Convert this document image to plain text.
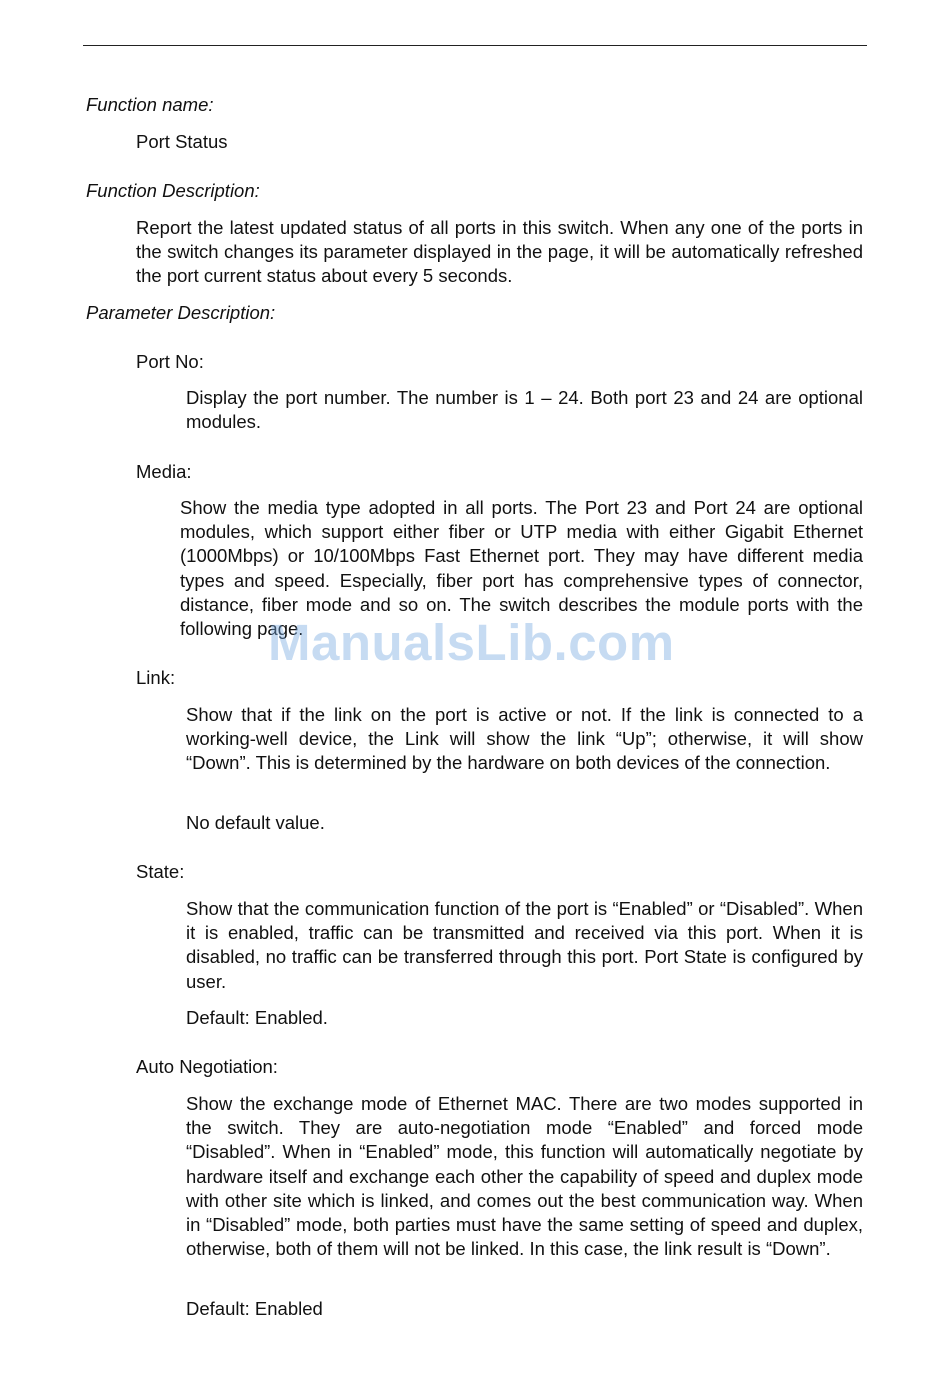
Function name:

Port Status

Function Description:

Report the latest updated status of all ports in this switch. When any one of the ports in the switch changes its parameter displayed in the page, it will be automatically refreshed the port current status about every 5 seconds.

Parameter Description:

Port No:

Display the port number. The number is 1 – 24. Both port 23 and 24 are optional modules.

Media:

Show the media type adopted in all ports. The Port 23 and Port 24 are optional modules, which support either fiber or UTP media with either Gigabit Ethernet (1000Mbps) or 10/100Mbps Fast Ethernet port. They may have different media types and speed. Especially, fiber port has comprehensive types of connector, distance, fiber mode and so on. The switch describes the module ports with the following page.

Link:

Show that if the link on the port is active or not. If the link is connected to a working-well device, the Link will show the link “Up”; otherwise, it will show “Down”. This is determined by the hardware on both devices of the connection.

No default value.

State:

Show that the communication function of the port is “Enabled” or “Disabled”. When it is enabled, traffic can be transmitted and received via this port. When it is disabled, no traffic can be transferred through this port. Port State is configured by user.

Default: Enabled.

Auto Negotiation:

Show the exchange mode of Ethernet MAC. There are two modes supported in the switch. They are auto-negotiation mode “Enabled” and forced mode “Disabled”. When in “Enabled” mode, this function will automatically negotiate by hardware itself and exchange each other the capability of speed and duplex mode with other site which is linked, and comes out the best communication way. When in “Disabled” mode, both parties must have the same setting of speed and duplex, otherwise, both of them will not be linked. In this case, the link result is “Down”.

Default: Enabled

ManualsLib.com
